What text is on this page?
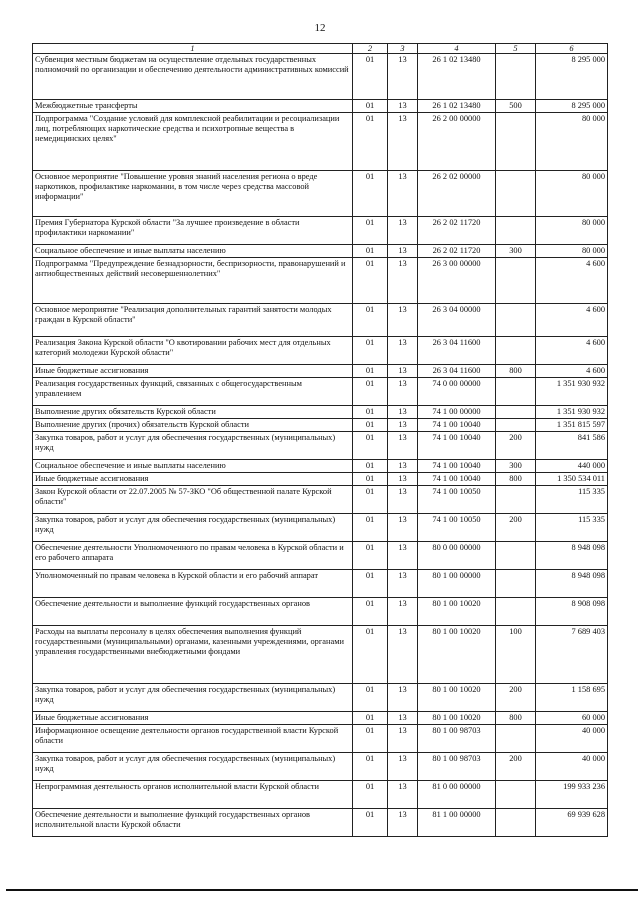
12
1	2	3	4	5	6
Субвенция местным бюджетам на осуществление отдельных государственных полномочий по организации и обеспечению деятельности административных комиссий	01	13	26 1 02 13480		8 295 000
Межбюджетные трансферты	01	13	26 1 02 13480	500	8 295 000
Подпрограмма "Создание условий для комплексной реабилитации и ресоциализации лиц, потребляющих наркотические средства и психотропные вещества в немедицинских целях"	01	13	26 2 00 00000		80 000
Основное мероприятие "Повышение уровня знаний населения региона о вреде наркотиков, профилактике наркомании, в том числе через средства массовой информации"	01	13	26 2 02 00000		80 000
Премия Губернатора Курской области "За лучшее произведение в области профилактики наркомании"	01	13	26 2 02 11720		80 000
Социальное обеспечение и иные выплаты населению	01	13	26 2 02 11720	300	80 000
Подпрограмма "Предупреждение безнадзорности, беспризорности, правонарушений и антиобщественных действий несовершеннолетних"	01	13	26 3 00 00000		4 600
Основное мероприятие "Реализация дополнительных гарантий занятости молодых граждан в Курской области"	01	13	26 3 04 00000		4 600
Реализация Закона Курской области "О квотировании рабочих мест для отдельных категорий молодежи Курской области"	01	13	26 3 04 11600		4 600
Иные бюджетные ассигнования	01	13	26 3 04 11600	800	4 600
Реализация государственных функций, связанных с общегосударственным управлением	01	13	74 0 00 00000		1 351 930 932
Выполнение других обязательств Курской области	01	13	74 1 00 00000		1 351 930 932
Выполнение других (прочих) обязательств Курской области	01	13	74 1 00 10040		1 351 815 597
Закупка товаров, работ и услуг для обеспечения государственных (муниципальных) нужд	01	13	74 1 00 10040	200	841 586
Социальное обеспечение и иные выплаты населению	01	13	74 1 00 10040	300	440 000
Иные бюджетные ассигнования	01	13	74 1 00 10040	800	1 350 534 011
Закон Курской области от 22.07.2005 № 57-ЗКО "Об общественной палате Курской области"	01	13	74 1 00 10050		115 335
Закупка товаров, работ и услуг для обеспечения государственных (муниципальных) нужд	01	13	74 1 00 10050	200	115 335
Обеспечение деятельности Уполномоченного по правам человека в Курской области и его рабочего аппарата	01	13	80 0 00 00000		8 948 098
Уполномоченный по правам человека в Курской области и его рабочий аппарат	01	13	80 1 00 00000		8 948 098
Обеспечение деятельности и выполнение функций государственных органов	01	13	80 1 00 10020		8 908 098
Расходы на выплаты персоналу в целях обеспечения выполнения функций государственными (муниципальными) органами, казенными учреждениями, органами управления государственными внебюджетными фондами	01	13	80 1 00 10020	100	7 689 403
Закупка товаров, работ и услуг для обеспечения государственных (муниципальных) нужд	01	13	80 1 00 10020	200	1 158 695
Иные бюджетные ассигнования	01	13	80 1 00 10020	800	60 000
Информационное освещение деятельности органов государственной власти Курской области	01	13	80 1 00 98703		40 000
Закупка товаров, работ и услуг для обеспечения государственных (муниципальных) нужд	01	13	80 1 00 98703	200	40 000
Непрограммная деятельность органов исполнительной власти Курской области	01	13	81 0 00 00000		199 933 236
Обеспечение деятельности и выполнение функций государственных органов исполнительной власти Курской области	01	13	81 1 00 00000		69 939 628
